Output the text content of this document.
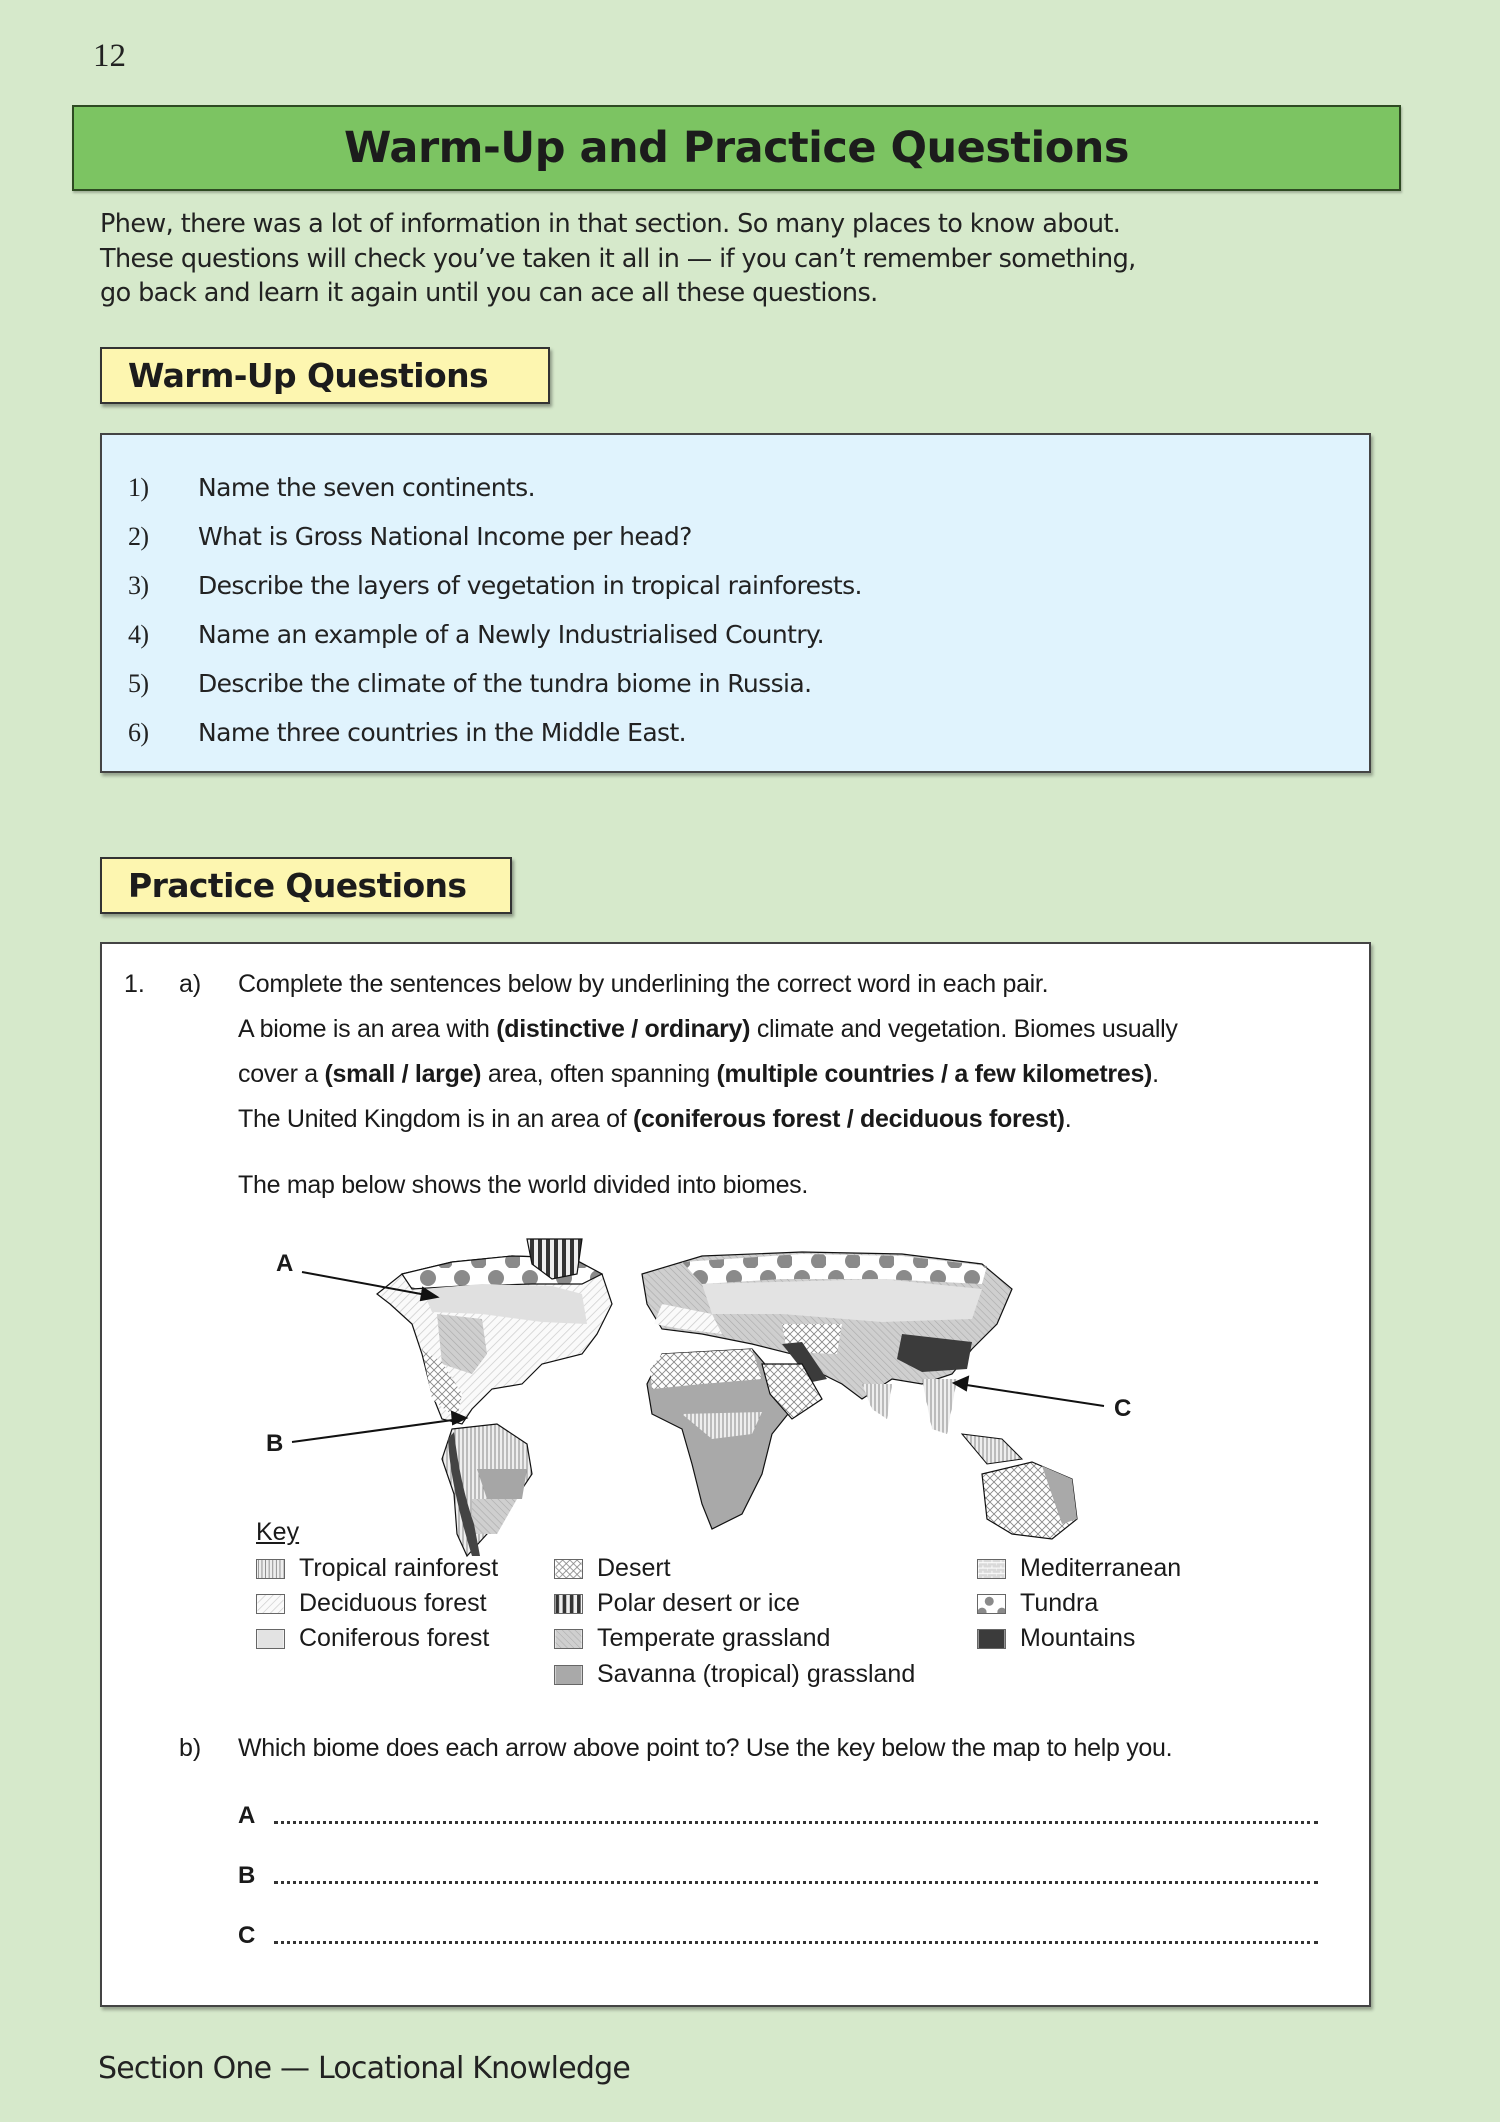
12
Warm-Up and Practice Questions

Phew, there was a lot of information in that section. So many places to know about.

These questions will check you’ve taken it all in — if you can’t remember something,

go back and learn it again until you can ace all these questions.

Warm-Up Questions
1)	Name the seven continents.
2)	What is Gross National Income per head?
3)	Describe the layers of vegetation in tropical rainforests.
4)	Name an example of a Newly Industrialised Country.
5)	Describe the climate of the tundra biome in Russia.
6)	Name three countries in the Middle East.
Practice Questions
1. a) Complete the sentences below by underlining the correct word in each pair.
A biome is an area with (distinctive / ordinary) climate and vegetation. Biomes usually
cover a (small / large) area, often spanning (multiple countries / a few kilometres).
The United Kingdom is in an area of (coniferous forest / deciduous forest).
The map below shows the world divided into biomes.
A
B
C
Key
Tropical rainforest
Deciduous forest
Coniferous forest
Desert
Polar desert or ice
Temperate grassland
Savanna (tropical) grassland
Mediterranean
Tundra
Mountains
b) Which biome does each arrow above point to? Use the key below the map to help you.
A
B
C
Section One — Locational Knowledge
